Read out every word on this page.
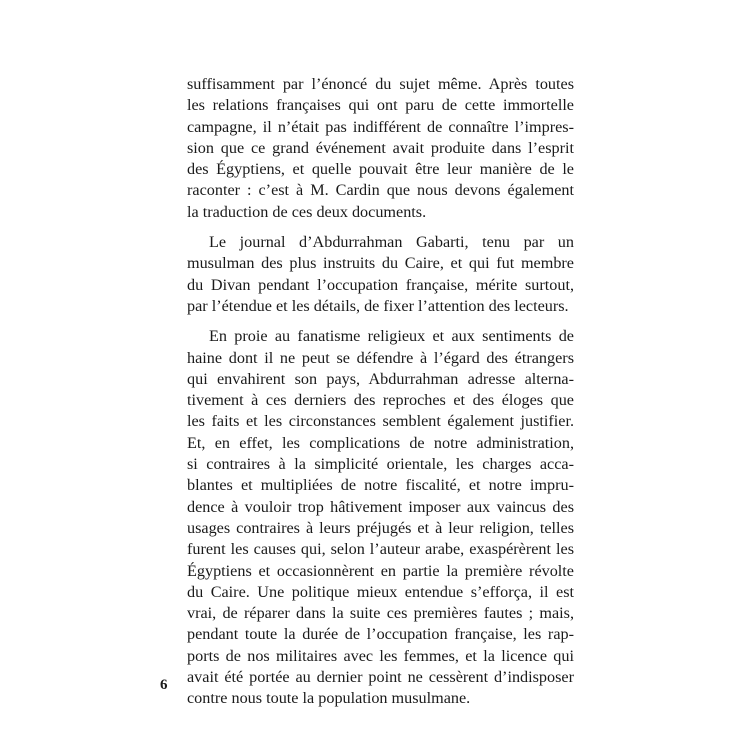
suffisamment par l’énoncé du sujet même. Après toutes
les relations françaises qui ont paru de cette immortelle
campagne, il n’était pas indifférent de connaître l’impres-
sion que ce grand événement avait produite dans l’esprit
des Égyptiens, et quelle pouvait être leur manière de le
raconter : c’est à M. Cardin que nous devons également
la traduction de ces deux documents.
Le journal d’Abdurrahman Gabarti, tenu par un
musulman des plus instruits du Caire, et qui fut membre
du Divan pendant l’occupation française, mérite surtout,
par l’étendue et les détails, de fixer l’attention des lecteurs.
En proie au fanatisme religieux et aux sentiments de
haine dont il ne peut se défendre à l’égard des étrangers
qui envahirent son pays, Abdurrahman adresse alterna-
tivement à ces derniers des reproches et des éloges que
les faits et les circonstances semblent également justifier.
Et, en effet, les complications de notre administration,
si contraires à la simplicité orientale, les charges acca-
blantes et multipliées de notre fiscalité, et notre impru-
dence à vouloir trop hâtivement imposer aux vaincus des
usages contraires à leurs préjugés et à leur religion, telles
furent les causes qui, selon l’auteur arabe, exaspérèrent les
Égyptiens et occasionnèrent en partie la première révolte
du Caire. Une politique mieux entendue s’efforça, il est
vrai, de réparer dans la suite ces premières fautes ; mais,
pendant toute la durée de l’occupation française, les rap-
ports de nos militaires avec les femmes, et la licence qui
avait été portée au dernier point ne cessèrent d’indisposer
contre nous toute la population musulmane.
6
